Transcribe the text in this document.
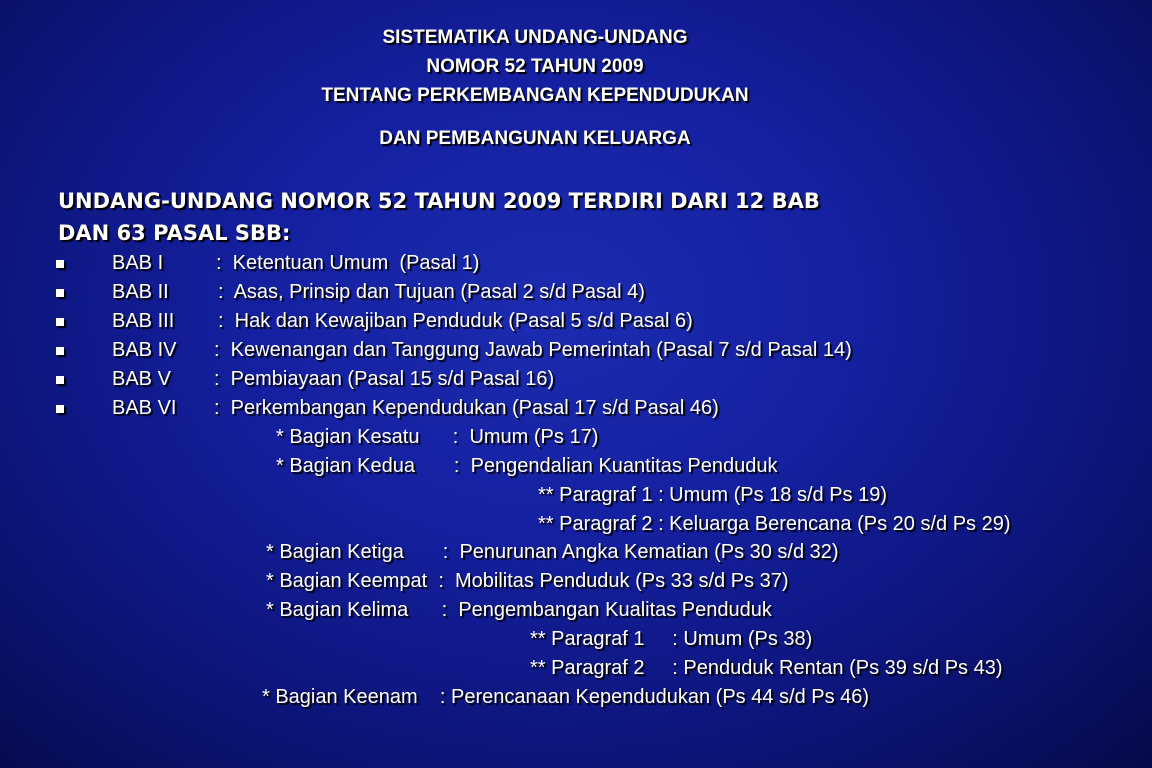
SISTEMATIKA UNDANG-UNDANG
NOMOR 52 TAHUN 2009
TENTANG PERKEMBANGAN KEPENDUDUKAN
DAN PEMBANGUNAN KELUARGA
UNDANG-UNDANG NOMOR 52 TAHUN 2009 TERDIRI DARI 12 BAB
DAN 63 PASAL SBB:
BAB I	:  Ketentuan Umum  (Pasal 1)
BAB II :  Asas, Prinsip dan Tujuan (Pasal 2 s/d Pasal 4)
BAB III :  Hak dan Kewajiban Penduduk (Pasal 5 s/d Pasal 6)
BAB IV :  Kewenangan dan Tanggung Jawab Pemerintah (Pasal 7 s/d Pasal 14)
BAB V :  Pembiayaan (Pasal 15 s/d Pasal 16)
BAB VI :  Perkembangan Kependudukan (Pasal 17 s/d Pasal 46)
* Bagian Kesatu      :  Umum (Ps 17)
* Bagian Kedua       :  Pengendalian Kuantitas Penduduk
** Paragraf 1 : Umum (Ps 18 s/d Ps 19)
** Paragraf 2 : Keluarga Berencana (Ps 20 s/d Ps 29)
* Bagian Ketiga       :  Penurunan Angka Kematian (Ps 30 s/d 32)
* Bagian Keempat  :  Mobilitas Penduduk (Ps 33 s/d Ps 37)
* Bagian Kelima      :  Pengembangan Kualitas Penduduk
** Paragraf 1     : Umum (Ps 38)
** Paragraf 2     : Penduduk Rentan (Ps 39 s/d Ps 43)
* Bagian Keenam    : Perencanaan Kependudukan (Ps 44 s/d Ps 46)
